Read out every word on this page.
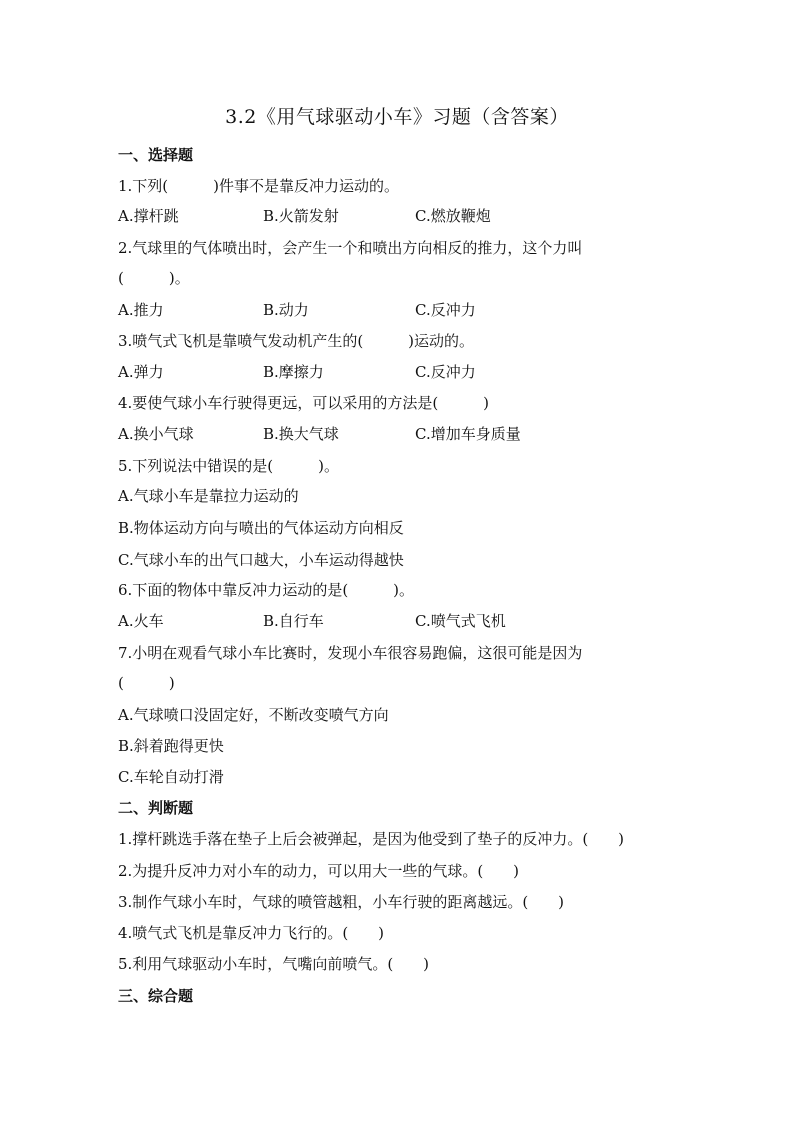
3.2《用气球驱动小车》习题（含答案）
一、选择题
1.下列(　　　)件事不是靠反冲力运动的。
A.撑杆跳	B.火箭发射	C.燃放鞭炮
2.气球里的气体喷出时，会产生一个和喷出方向相反的推力，这个力叫
(　　　)。
A.推力	B.动力	C.反冲力
3.喷气式飞机是靠喷气发动机产生的(　　　)运动的。
A.弹力	B.摩擦力	C.反冲力
4.要使气球小车行驶得更远，可以采用的方法是(　　　)
A.换小气球	B.换大气球	C.增加车身质量
5.下列说法中错误的是(　　　)。
A.气球小车是靠拉力运动的
B.物体运动方向与喷出的气体运动方向相反
C.气球小车的出气口越大，小车运动得越快
6.下面的物体中靠反冲力运动的是(　　　)。
A.火车	B.自行车	C.喷气式飞机
7.小明在观看气球小车比赛时，发现小车很容易跑偏，这很可能是因为
(　　　)
A.气球喷口没固定好，不断改变喷气方向
B.斜着跑得更快
C.车轮自动打滑
二、判断题
1.撑杆跳选手落在垫子上后会被弹起，是因为他受到了垫子的反冲力。(　　)
2.为提升反冲力对小车的动力，可以用大一些的气球。(　　)
3.制作气球小车时，气球的喷管越粗，小车行驶的距离越远。(　　)
4.喷气式飞机是靠反冲力飞行的。(　　)
5.利用气球驱动小车时，气嘴向前喷气。(　　)
三、综合题
